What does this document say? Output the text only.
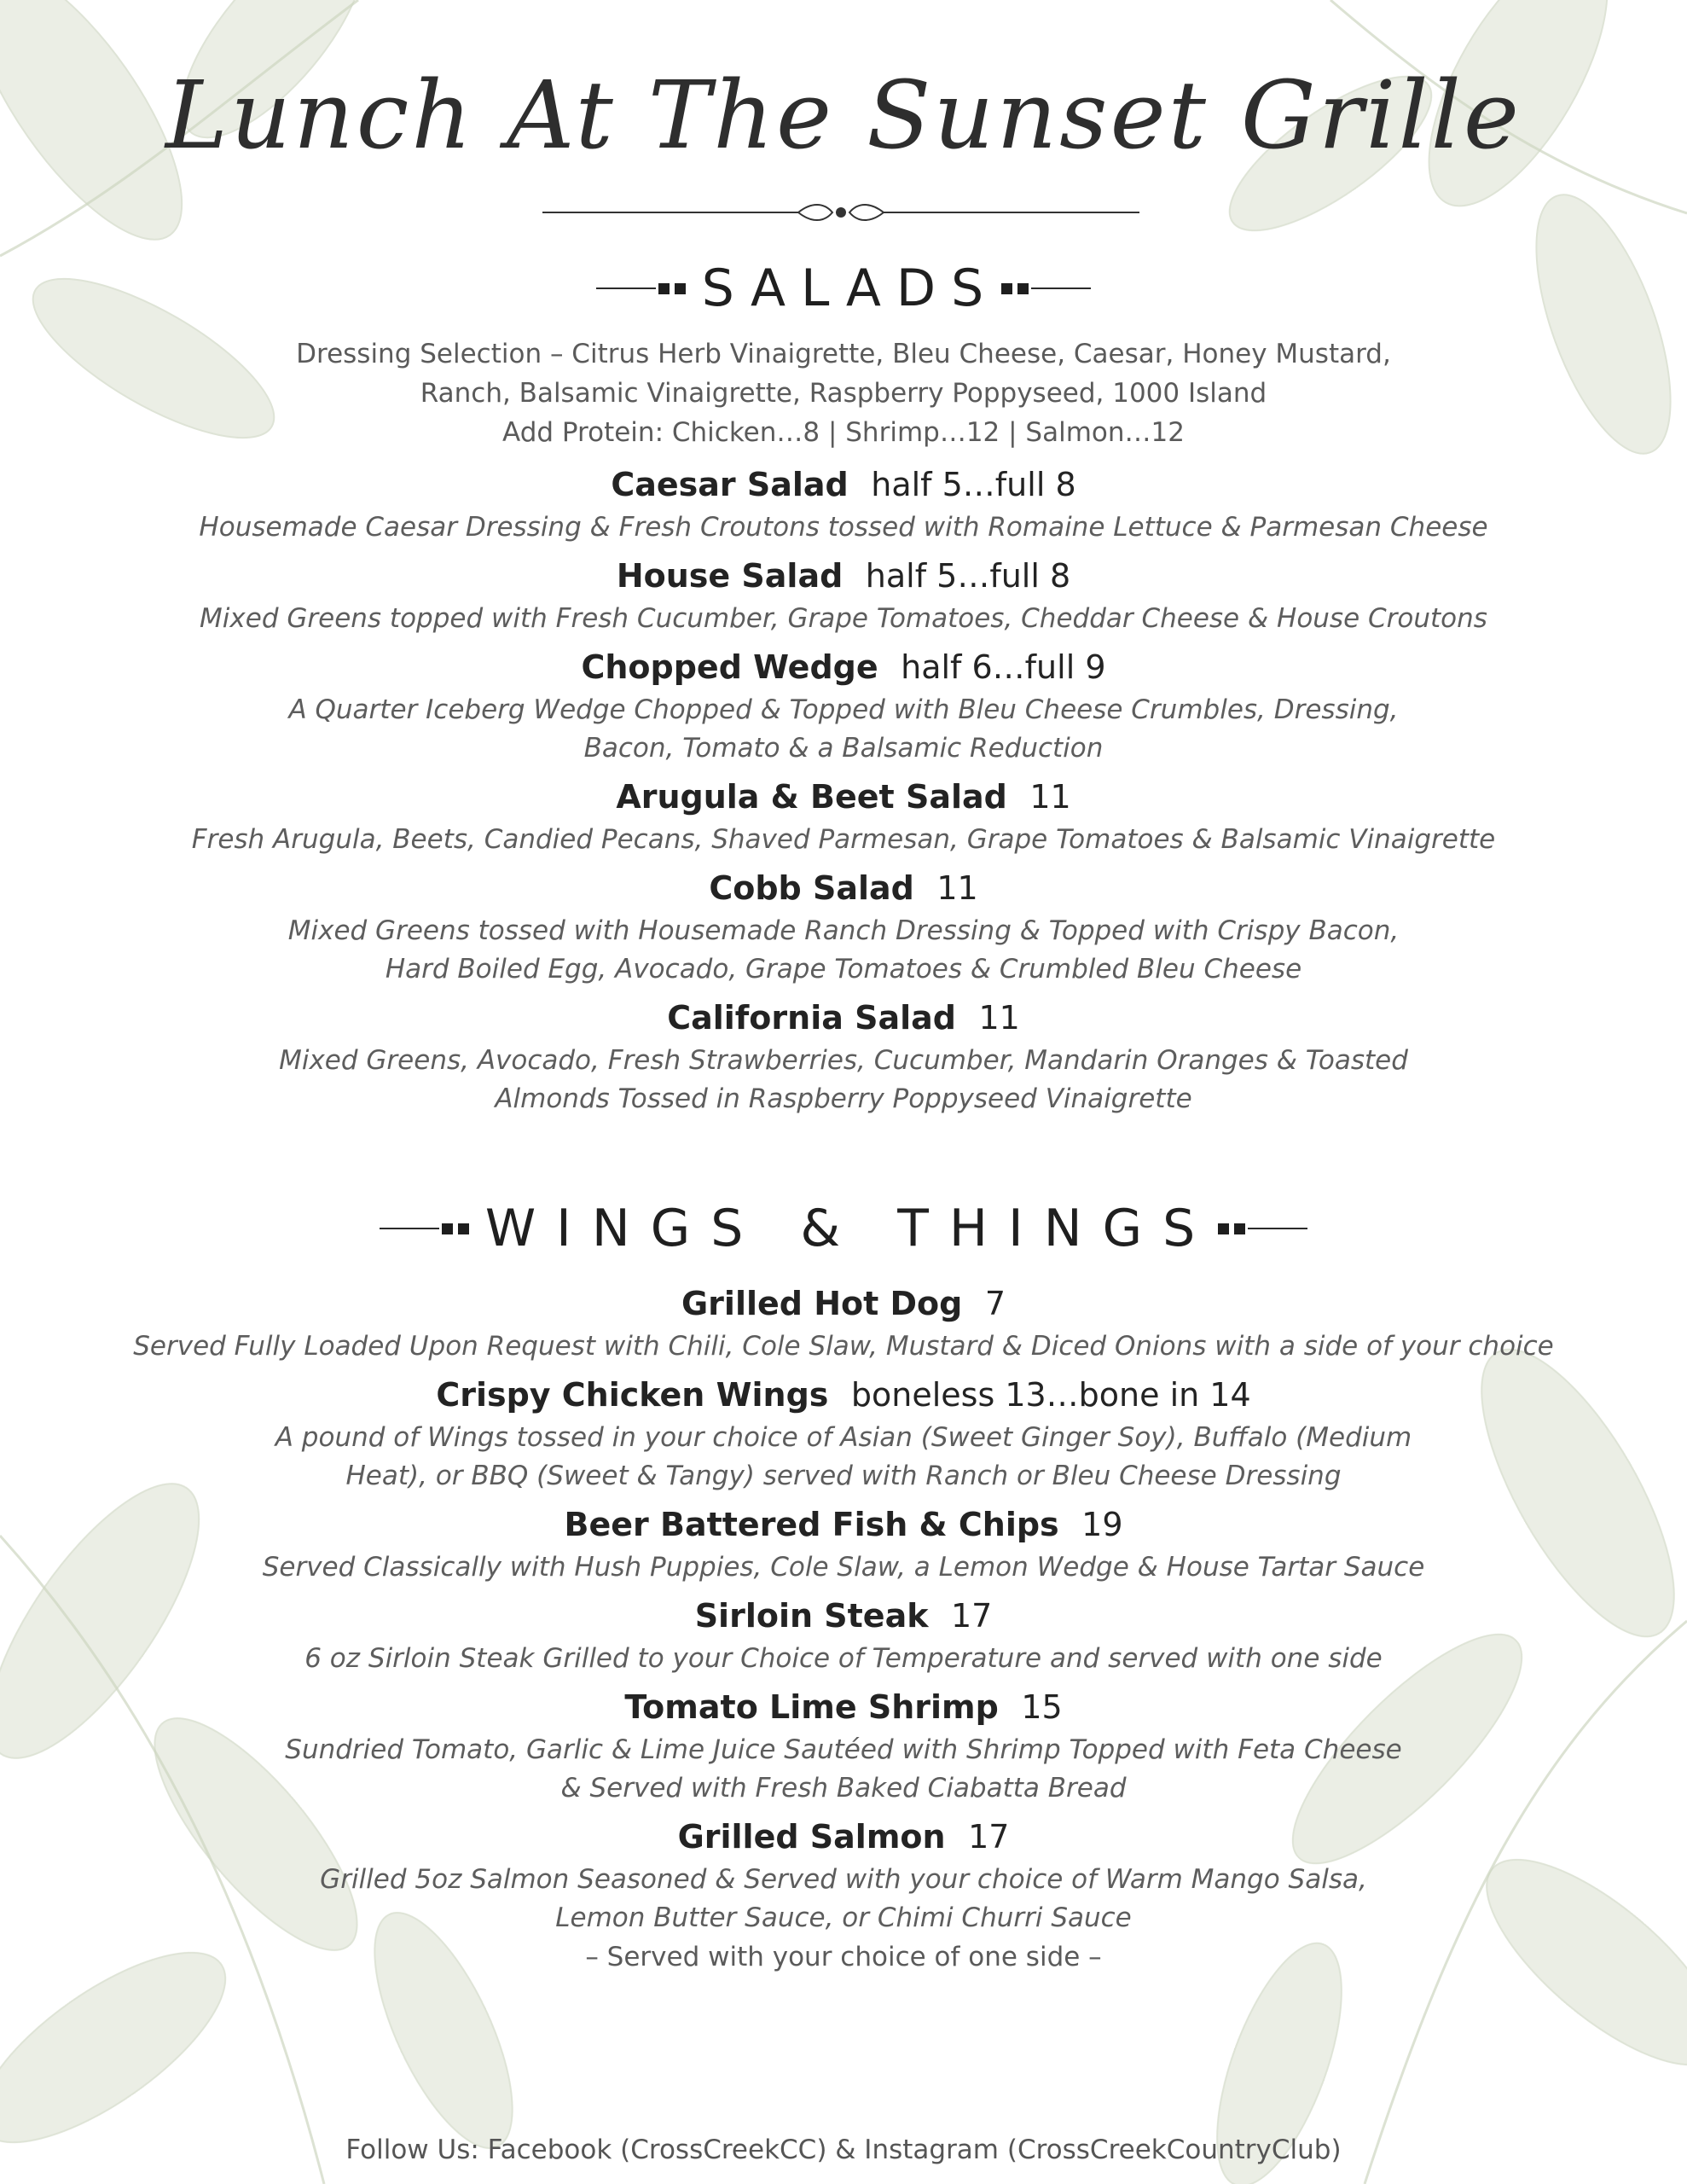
Lunch At The Sunset Grille
SALADS
Dressing Selection – Citrus Herb Vinaigrette, Bleu Cheese, Caesar, Honey Mustard,
Ranch, Balsamic Vinaigrette, Raspberry Poppyseed, 1000 Island
Add Protein: Chicken…8 | Shrimp…12 | Salmon…12
Caesar Salad half 5…full 8
Housemade Caesar Dressing & Fresh Croutons tossed with Romaine Lettuce & Parmesan Cheese
House Salad half 5…full 8
Mixed Greens topped with Fresh Cucumber, Grape Tomatoes, Cheddar Cheese & House Croutons
Chopped Wedge half 6…full 9
A Quarter Iceberg Wedge Chopped & Topped with Bleu Cheese Crumbles, Dressing,
Bacon, Tomato & a Balsamic Reduction
Arugula & Beet Salad 11
Fresh Arugula, Beets, Candied Pecans, Shaved Parmesan, Grape Tomatoes & Balsamic Vinaigrette
Cobb Salad 11
Mixed Greens tossed with Housemade Ranch Dressing & Topped with Crispy Bacon,
Hard Boiled Egg, Avocado, Grape Tomatoes & Crumbled Bleu Cheese
California Salad 11
Mixed Greens, Avocado, Fresh Strawberries, Cucumber, Mandarin Oranges & Toasted
Almonds Tossed in Raspberry Poppyseed Vinaigrette
WINGS & THINGS
Grilled Hot Dog 7
Served Fully Loaded Upon Request with Chili, Cole Slaw, Mustard & Diced Onions with a side of your choice
Crispy Chicken Wings boneless 13…bone in 14
A pound of Wings tossed in your choice of Asian (Sweet Ginger Soy), Buffalo (Medium
Heat), or BBQ (Sweet & Tangy) served with Ranch or Bleu Cheese Dressing
Beer Battered Fish & Chips 19
Served Classically with Hush Puppies, Cole Slaw, a Lemon Wedge & House Tartar Sauce
Sirloin Steak 17
6 oz Sirloin Steak Grilled to your Choice of Temperature and served with one side
Tomato Lime Shrimp 15
Sundried Tomato, Garlic & Lime Juice Sautéed with Shrimp Topped with Feta Cheese
& Served with Fresh Baked Ciabatta Bread
Grilled Salmon 17
Grilled 5oz Salmon Seasoned & Served with your choice of Warm Mango Salsa,
Lemon Butter Sauce, or Chimi Churri Sauce
– Served with your choice of one side –
Follow Us: Facebook (CrossCreekCC) & Instagram (CrossCreekCountryClub)
